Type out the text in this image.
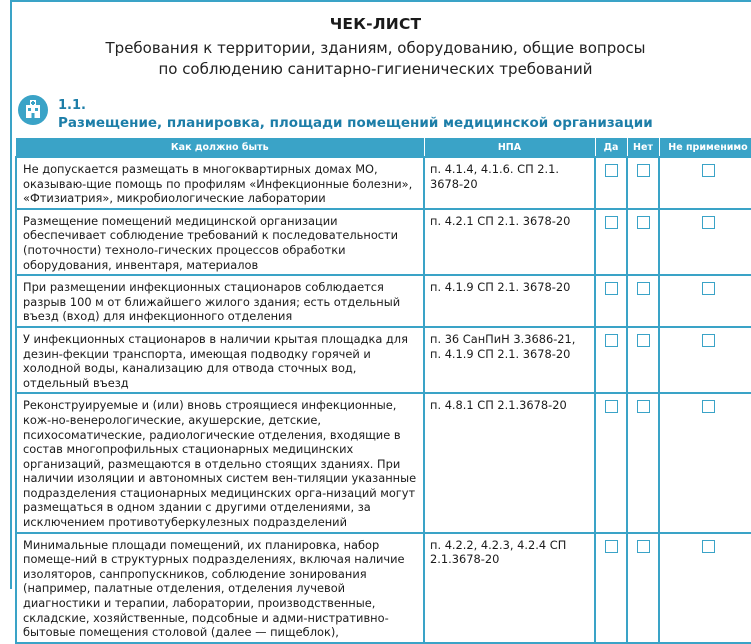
ЧЕК-ЛИСТ
Требования к территории, зданиям, оборудованию, общие вопросы
по соблюдению санитарно-гигиенических требований
1.1.
Размещение, планировка, площади помещений медицинской организации
Как должно быть	НПА	Да	Нет	Не применимо
Не допускается размещать в многоквартирных домах МО, оказываю-щие помощь по профилям «Инфекционные болезни», «Фтизиатрия», микробиологические лаборатории	п. 4.1.4, 4.1.6. СП 2.1. 3678-20			
Размещение помещений медицинской организации обеспечивает соблюдение требований к последовательности (поточности) техноло-гических процессов обработки оборудования, инвентаря, материалов	п. 4.2.1 СП 2.1. 3678-20			
При размещении инфекционных стационаров соблюдается разрыв 100 м от ближайшего жилого здания; есть отдельный въезд (вход) для инфекционного отделения	п. 4.1.9 СП 2.1. 3678-20			
У инфекционных стационаров в наличии крытая площадка для дезин-фекции транспорта, имеющая подводку горячей и холодной воды, канализацию для отвода сточных вод, отдельный въезд	п. 36 СанПиН 3.3686-21, п. 4.1.9 СП 2.1. 3678-20			
Реконструируемые и (или) вновь строящиеся инфекционные, кож-но-венерологические, акушерские, детские, психосоматические, радиологические отделения, входящие в состав многопрофильных стационарных медицинских организаций, размещаются в отдельно стоящих зданиях. При наличии изоляции и автономных систем вен-тиляции указанные подразделения стационарных медицинских орга-низаций могут размещаться в одном здании с другими отделениями, за исключением противотуберкулезных подразделений	п. 4.8.1 СП 2.1.3678-20			
Минимальные площади помещений, их планировка, набор помеще-ний в структурных подразделениях, включая наличие изоляторов, санпропускников, соблюдение зонирования (например, палатные отделения, отделения лучевой диагностики и терапии, лаборатории, производственные, складские, хозяйственные, подсобные и адми-нистративно-бытовые помещения столовой (далее — пищеблок),	п. 4.2.2, 4.2.3, 4.2.4 СП 2.1.3678-20			
